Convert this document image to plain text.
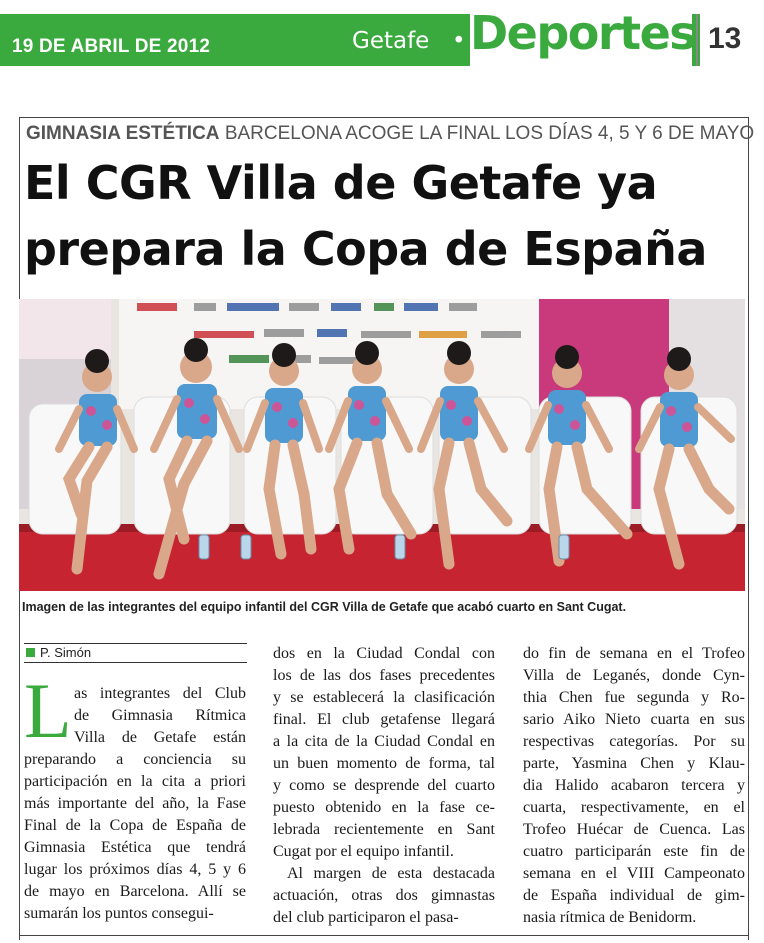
19 DE ABRIL DE 2012	Getafe • Deportes 13
GIMNASIA ESTÉTICA BARCELONA ACOGE LA FINAL LOS DÍAS 4, 5 Y 6 DE MAYO
El CGR Villa de Getafe ya
prepara la Copa de España
Imagen de las integrantes del equipo infantil del CGR Villa de Getafe que acabó cuarto en Sant Cugat.
P. Simón
L as integrantes del Club
de Gimnasia Rítmica
Villa de Getafe están
preparando a conciencia su
participación en la cita a priori
más importante del año, la Fase
Final de la Copa de España de
Gimnasia Estética que tendrá
lugar los próximos días 4, 5 y 6
de mayo en Barcelona. Allí se
sumarán los puntos consegui-
dos en la Ciudad Condal con
los de las dos fases precedentes
y se establecerá la clasificación
final. El club getafense llegará
a la cita de la Ciudad Condal en
un buen momento de forma, tal
y como se desprende del cuarto
puesto obtenido en la fase ce-
lebrada recientemente en Sant
Cugat por el equipo infantil.
Al margen de esta destacada
actuación, otras dos gimnastas
del club participaron el pasa-
do fin de semana en el Trofeo
Villa de Leganés, donde Cyn-
thia Chen fue segunda y Ro-
sario Aiko Nieto cuarta en sus
respectivas categorías. Por su
parte, Yasmina Chen y Klau-
dia Halido acabaron tercera y
cuarta, respectivamente, en el
Trofeo Huécar de Cuenca. Las
cuatro participarán este fin de
semana en el VIII Campeonato
de España individual de gim-
nasia rítmica de Benidorm.
